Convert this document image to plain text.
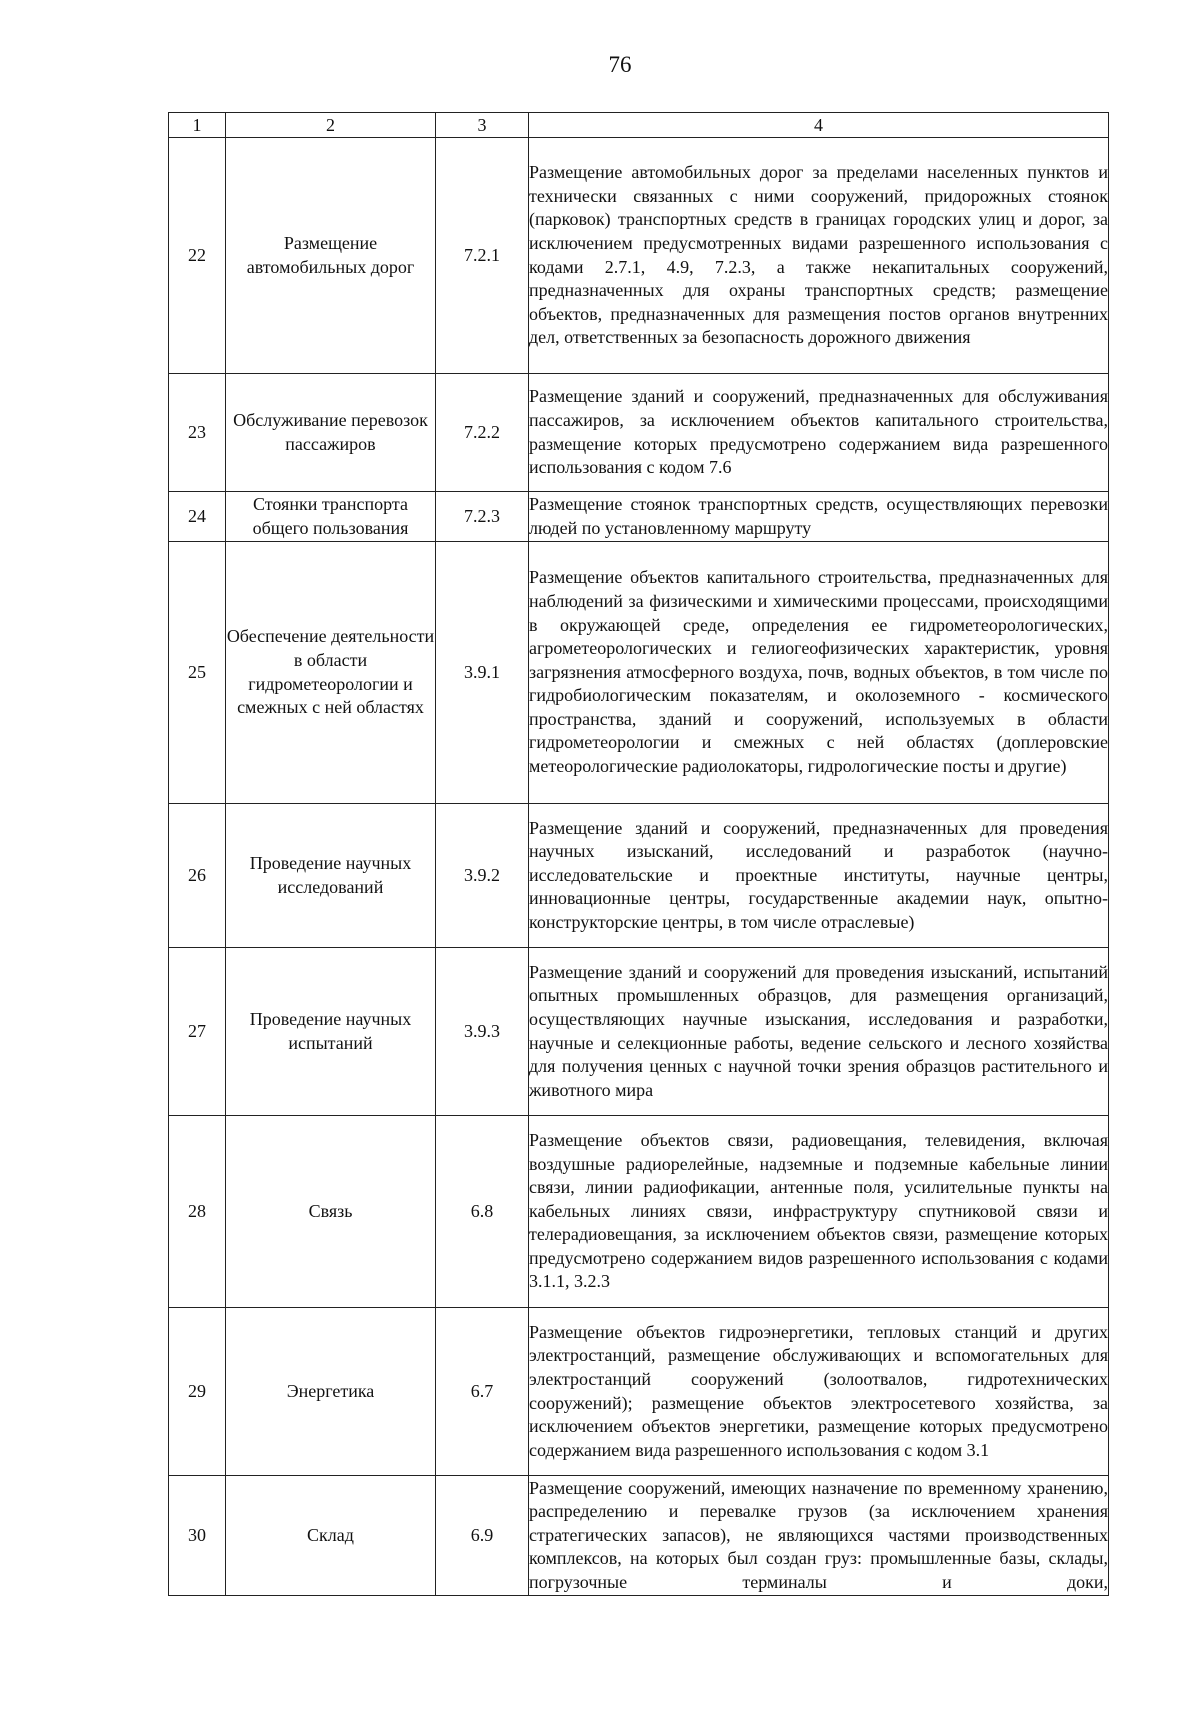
76
1	2	3	4
22	Размещение автомобильных дорог	7.2.1	Размещение автомобильных дорог за пределами населенных пунктов и технически связанных с ними сооружений, придорожных стоянок (парковок) транспортных средств в границах городских улиц и дорог, за исключением предусмотренных видами разрешенного использования с кодами 2.7.1, 4.9, 7.2.3, а также некапитальных сооружений, предназначенных для охраны транспортных средств; размещение объектов, предназначенных для размещения постов органов внутренних дел, ответственных за безопасность дорожного движения
23	Обслуживание перевозок пассажиров	7.2.2	Размещение зданий и сооружений, предназначенных для обслуживания пассажиров, за исключением объектов капитального строительства, размещение которых предусмотрено содержанием вида разрешенного использования с кодом 7.6
24	Стоянки транспорта общего пользования	7.2.3	Размещение стоянок транспортных средств, осуществляющих перевозки людей по установленному маршруту
25	Обеспечение деятельности в области гидрометеорологии и смежных с ней областях	3.9.1	Размещение объектов капитального строительства, предназначенных для наблюдений за физическими и химическими процессами, происходящими в окружающей среде, определения ее гидрометеорологических, агрометеорологических и гелиогеофизических характеристик, уровня загрязнения атмосферного воздуха, почв, водных объектов, в том числе по гидробиологическим показателям, и околоземного - космического пространства, зданий и сооружений, используемых в области гидрометеорологии и смежных с ней областях (доплеровские метеорологические радиолокаторы, гидрологические посты и другие)
26	Проведение научных исследований	3.9.2	Размещение зданий и сооружений, предназначенных для проведения научных изысканий, исследований и разработок (научно-исследовательские и проектные институты, научные центры, инновационные центры, государственные академии наук, опытно-конструкторские центры, в том числе отраслевые)
27	Проведение научных испытаний	3.9.3	Размещение зданий и сооружений для проведения изысканий, испытаний опытных промышленных образцов, для размещения организаций, осуществляющих научные изыскания, исследования и разработки, научные и селекционные работы, ведение сельского и лесного хозяйства для получения ценных с научной точки зрения образцов растительного и животного мира
28	Связь	6.8	Размещение объектов связи, радиовещания, телевидения, включая воздушные радиорелейные, надземные и подземные кабельные линии связи, линии радиофикации, антенные поля, усилительные пункты на кабельных линиях связи, инфраструктуру спутниковой связи и телерадиовещания, за исключением объектов связи, размещение которых предусмотрено содержанием видов разрешенного использования с кодами 3.1.1, 3.2.3
29	Энергетика	6.7	Размещение объектов гидроэнергетики, тепловых станций и других электростанций, размещение обслуживающих и вспомогательных для электростанций сооружений (золоотвалов, гидротехнических сооружений); размещение объектов электросетевого хозяйства, за исключением объектов энергетики, размещение которых предусмотрено содержанием вида разрешенного использования с кодом 3.1
30	Склад	6.9	Размещение сооружений, имеющих назначение по временному хранению, распределению и перевалке грузов (за исключением хранения стратегических запасов), не являющихся частями производственных комплексов, на которых был создан груз: промышленные базы, склады, погрузочные терминалы и доки,
